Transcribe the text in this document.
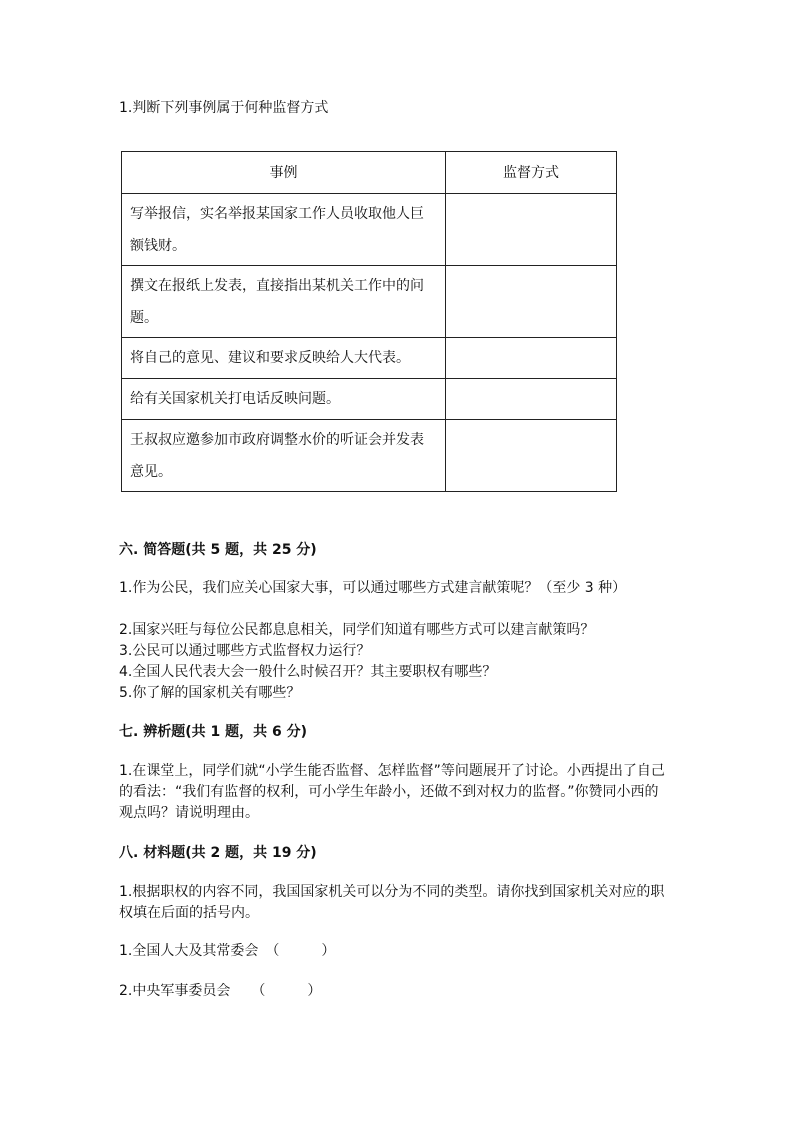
1.判断下列事例属于何种监督方式
事例	监督方式

写举报信，实名举报某国家工作人员收取他人巨额钱财。	

撰文在报纸上发表，直接指出某机关工作中的问题。	

将自己的意见、建议和要求反映给人大代表。	

给有关国家机关打电话反映问题。	

王叔叔应邀参加市政府调整水价的听证会并发表意见。	

六. 简答题(共 5 题，共 25 分)
1.作为公民，我们应关心国家大事，可以通过哪些方式建言献策呢？（至少 3 种）
2.国家兴旺与每位公民都息息相关，同学们知道有哪些方式可以建言献策吗？
3.公民可以通过哪些方式监督权力运行？
4.全国人民代表大会一般什么时候召开？其主要职权有哪些？
5.你了解的国家机关有哪些？
七. 辨析题(共 1 题，共 6 分)
1.在课堂上，同学们就“小学生能否监督、怎样监督”等问题展开了讨论。小西提出了自己的看法：“我们有监督的权利，可小学生年龄小，还做不到对权力的监督。”你赞同小西的观点吗？请说明理由。
八. 材料题(共 2 题，共 19 分)
1.根据职权的内容不同，我国国家机关可以分为不同的类型。请你找到国家机关对应的职权填在后面的括号内。
1.全国人大及其常委会　（　　　）
2.中央军事委员会　　（　　　）
